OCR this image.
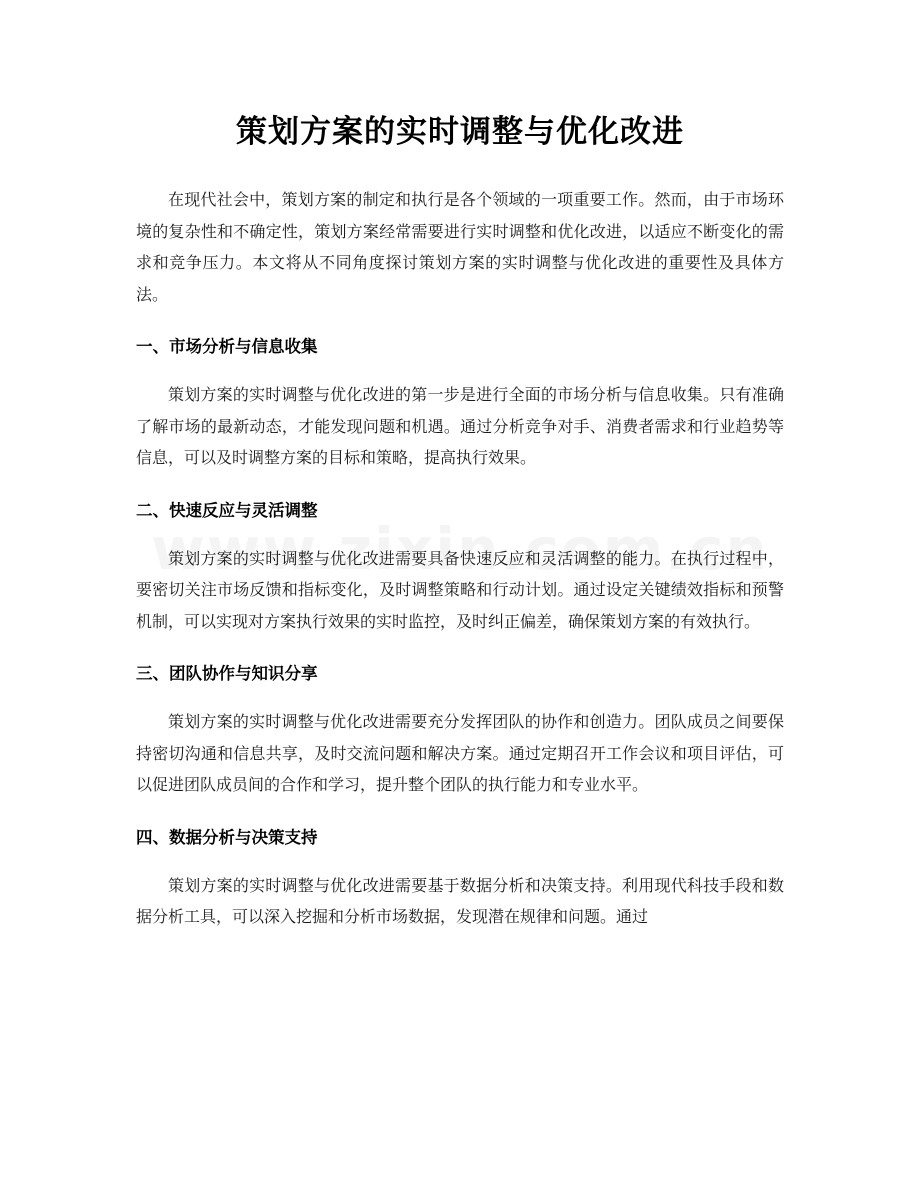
策划方案的实时调整与优化改进

在现代社会中，策划方案的制定和执行是各个领域的一项重要工作。然而，由于市场环境的复杂性和不确定性，策划方案经常需要进行实时调整和优化改进，以适应不断变化的需求和竞争压力。本文将从不同角度探讨策划方案的实时调整与优化改进的重要性及具体方法。

一、市场分析与信息收集

策划方案的实时调整与优化改进的第一步是进行全面的市场分析与信息收集。只有准确了解市场的最新动态，才能发现问题和机遇。通过分析竞争对手、消费者需求和行业趋势等信息，可以及时调整方案的目标和策略，提高执行效果。

二、快速反应与灵活调整

策划方案的实时调整与优化改进需要具备快速反应和灵活调整的能力。在执行过程中，要密切关注市场反馈和指标变化，及时调整策略和行动计划。通过设定关键绩效指标和预警机制，可以实现对方案执行效果的实时监控，及时纠正偏差，确保策划方案的有效执行。

三、团队协作与知识分享

策划方案的实时调整与优化改进需要充分发挥团队的协作和创造力。团队成员之间要保持密切沟通和信息共享，及时交流问题和解决方案。通过定期召开工作会议和项目评估，可以促进团队成员间的合作和学习，提升整个团队的执行能力和专业水平。

四、数据分析与决策支持

策划方案的实时调整与优化改进需要基于数据分析和决策支持。利用现代科技手段和数据分析工具，可以深入挖掘和分析市场数据，发现潜在规律和问题。通过
